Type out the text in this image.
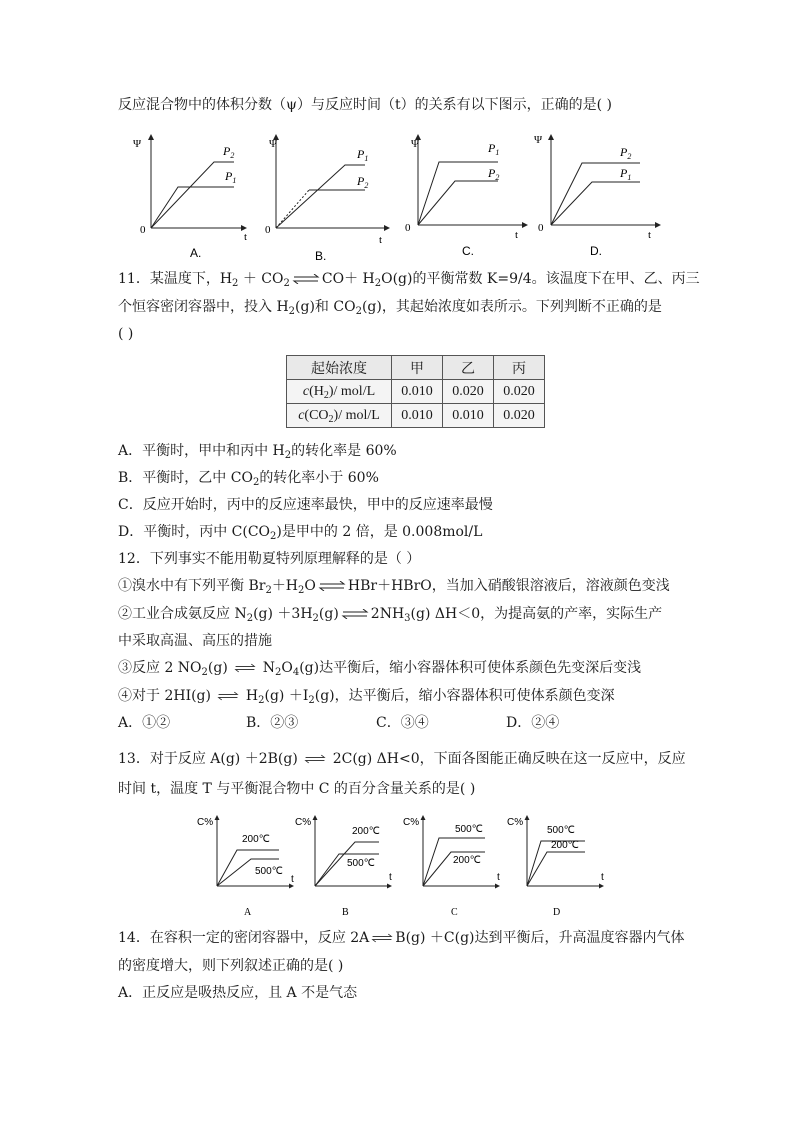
反应混合物中的体积分数（ψ）与反应时间（t）的关系有以下图示，正确的是( )
Ψ
0
t
$P_2$
$P_1$
A.
Ψ
0
t
$P_1$
$P_2$
B.
Ψ
0
t
$P_1$
$P_2$
C.
Ψ
0
t
$P_2$
$P_1$
D.
11．某温度下，$H_2 + CO_2$ ⇌ $CO+ H_2O(g)$的平衡常数 K=9/4。该温度下在甲、乙、丙三
个恒容密闭容器中，投入 $H_2(g)$和 $CO_2(g)$，其起始浓度如表所示。下列判断不正确的是
( )
起始浓度	甲	乙	丙
$c(H_2)/$ mol/L	0.010	0.020	0.020
$c(CO_2)/$ mol/L	0.010	0.010	0.020
A．平衡时，甲中和丙中 $H_2$的转化率是 60%
B．平衡时，乙中 $CO_2$的转化率小于 60%
C．反应开始时，丙中的反应速率最快，甲中的反应速率最慢
D．平衡时，丙中 $C(CO_2)$是甲中的 2 倍，是 0.008mol/L
12．下列事实不能用勒夏特列原理解释的是（ ）
①溴水中有下列平衡 $Br_2+H_2O$ ⇌ HBr＋HBrO，当加入硝酸银溶液后，溶液颜色变浅
②工业合成氨反应 $N_2(g) +3H_2(g)$ ⇌ $2NH_3(g)$ ΔH＜0，为提高氨的产率，实际生产
中采取高温、高压的措施
③反应 2 $NO_2(g)$ ⇌ $N_2O_4(g)$达平衡后，缩小容器体积可使体系颜色先变深后变浅
④对于 2HI(g) ⇌ $H_2(g) +I_2(g)$，达平衡后，缩小容器体积可使体系颜色变深
A．①②	B．②③	C．③④	D．②④
13．对于反应 A(g) ＋2B(g) ⇌ 2C(g) ΔH<0，下面各图能正确反映在这一反应中，反应
时间 t，温度 T 与平衡混合物中 C 的百分含量关系的是( )
C%
t
200℃
500℃
A
C%
t
200℃
500℃
B
C%
t
500℃
200℃
C
C%
t
500℃
200℃
D
14．在容积一定的密闭容器中，反应 2A ⇌ B(g) ＋C(g)达到平衡后，升高温度容器内气体
的密度增大，则下列叙述正确的是( )
A．正反应是吸热反应，且 A 不是气态
